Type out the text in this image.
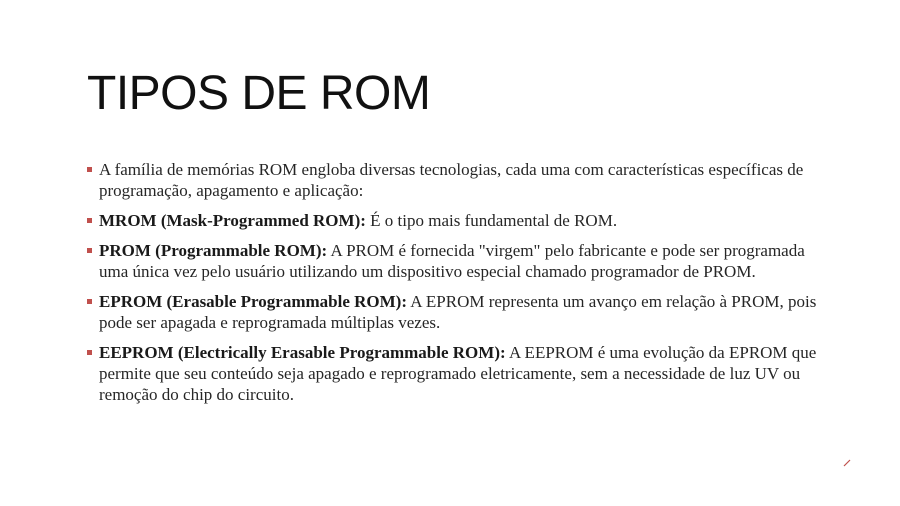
TIPOS DE ROM
A família de memórias ROM engloba diversas tecnologias, cada uma com características específicas de programação, apagamento e aplicação:
MROM (Mask-Programmed ROM): É o tipo mais fundamental de ROM.
PROM (Programmable ROM): A PROM é fornecida "virgem" pelo fabricante e pode ser programada uma única vez pelo usuário utilizando um dispositivo especial chamado programador de PROM.
EPROM (Erasable Programmable ROM): A EPROM representa um avanço em relação à PROM, pois pode ser apagada e reprogramada múltiplas vezes.
EEPROM (Electrically Erasable Programmable ROM): A EEPROM é uma evolução da EPROM que permite que seu conteúdo seja apagado e reprogramado eletricamente, sem a necessidade de luz UV ou remoção do chip do circuito.
